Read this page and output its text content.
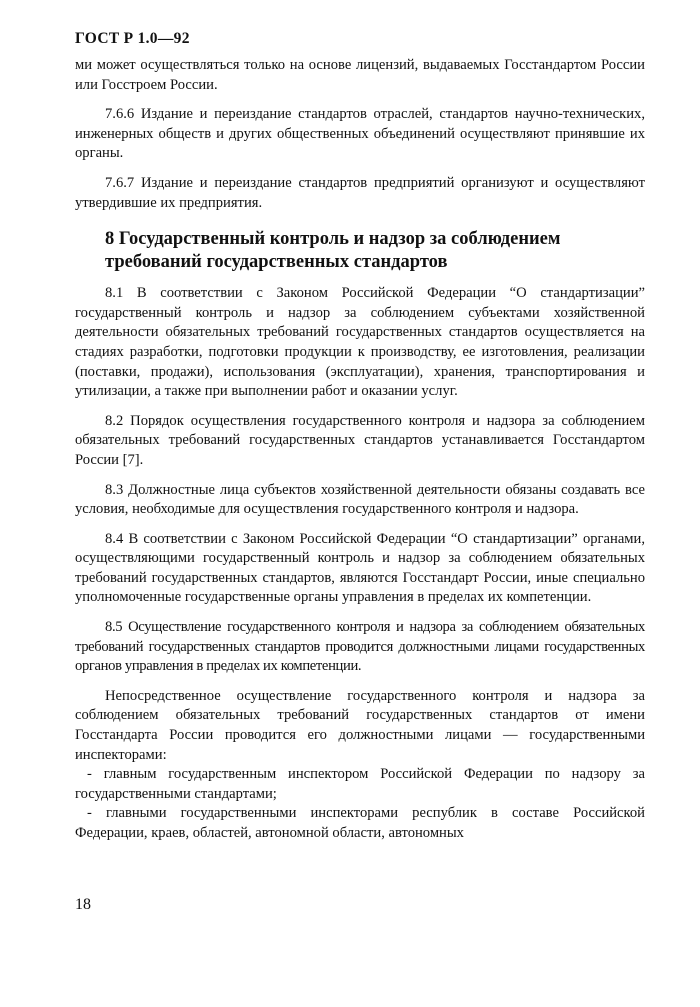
ГОСТ Р 1.0—92

ми может осуществляться только на основе лицензий, выдаваемых Госстандартом России или Госстроем России.

7.6.6 Издание и переиздание стандартов отраслей, стандартов научно-технических, инженерных обществ и других общественных объединений осуществляют принявшие их органы.

7.6.7 Издание и переиздание стандартов предприятий организуют и осуществляют утвердившие их предприятия.

8 Государственный контроль и надзор за соблюдением требований государственных стандартов

8.1 В соответствии с Законом Российской Федерации “О стандартизации” государственный контроль и надзор за соблюдением субъектами хозяйственной деятельности обязательных требований государственных стандартов осуществляется на стадиях разработки, подготовки продукции к производству, ее изготовления, реализации (поставки, продажи), использования (эксплуатации), хранения, транспортирования и утилизации, а также при выполнении работ и оказании услуг.

8.2 Порядок осуществления государственного контроля и надзора за соблюдением обязательных требований государственных стандартов устанавливается Госстандартом России [7].

8.3 Должностные лица субъектов хозяйственной деятельности обязаны создавать все условия, необходимые для осуществления государственного контроля и надзора.

8.4 В соответствии с Законом Российской Федерации “О стандартизации” органами, осуществляющими государственный контроль и надзор за соблюдением обязательных требований государственных стандартов, являются Госстандарт России, иные специально уполномоченные государственные органы управления в пределах их компетенции.

8.5 Осуществление государственного контроля и надзора за соблюдением обязательных требований государственных стандартов проводится должностными лицами государственных органов управления в пределах их компетенции.

Непосредственное осуществление государственного контроля и надзора за соблюдением обязательных требований государственных стандартов от имени Госстандарта России проводится его должностными лицами — государственными инспекторами:

- главным государственным инспектором Российской Федерации по надзору за государственными стандартами;

- главными государственными инспекторами республик в составе Российской Федерации, краев, областей, автономной области, автономных

18
